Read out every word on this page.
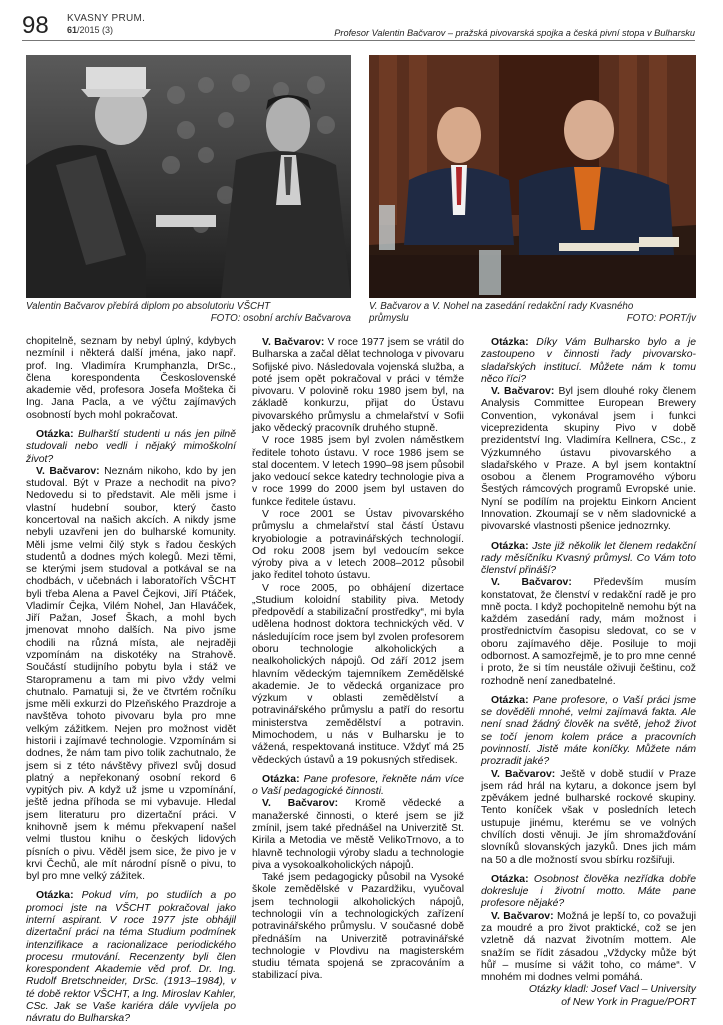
98 KVASNY PRUM.
61/2015 (3)	Profesor Valentin Bačvarov – pražská pivovarská spojka a česká pivní stopa v Bulharsku
Valentin Bačvarov přebírá diplom po absolutoriu VŠCHT
FOTO: osobní archív Bačvarova
V. Bačvarov a V. Nohel na zasedání redakční rady Kvasného
průmyslu	FOTO: PORT/jv

chopitelně, seznam by nebyl úplný, kdybych nezmínil i některá další jména, jako např. prof. Ing. Vladimíra Krumphanzla, DrSc., člena korespondenta Československé akademie věd, profesora Josefa Mošteka či Ing. Jana Pacla, a ve výčtu zajímavých osobností bych mohl pokračovat.

Otázka: Bulharští studenti u nás jen pilně studovali nebo vedli i nějaký mimoškolní život?

V. Bačvarov: Neznám nikoho, kdo by jen studoval. Být v Praze a nechodit na pivo? Nedovedu si to představit. Ale měli jsme i vlastní hudební soubor, který často koncertoval na našich akcích. A nikdy jsme nebyli uzavřeni jen do bulharské komunity. Měli jsme velmi čilý styk s řadou českých studentů a dodnes mých kolegů. Mezi těmi, se kterými jsem studoval a potkával se na chodbách, v učebnách i laboratořích VŠCHT byli třeba Alena a Pavel Čejkovi, Jiří Ptáček, Vladimír Čejka, Vilém Nohel, Jan Hlaváček, Jiří Pažan, Josef Škach, a mohl bych jmenovat mnoho dalších. Na pivo jsme chodili na různá místa, ale nejraději vzpomínám na diskotéky na Strahově. Součástí studijního pobytu byla i stáž ve Staropramenu a tam mi pivo vždy velmi chutnalo. Pamatuji si, že ve čtvrtém ročníku jsme měli exkurzi do Plzeňského Prazdroje a navštěva tohoto pivovaru byla pro mne velkým zážitkem. Nejen pro možnost vidět historii i zajímavé technologie. Vzpomínám si dodnes, že nám tam pivo tolik zachutnalo, že jsem si z této návštěvy přivezl svůj dosud platný a nepřekonaný osobní rekord 6 vypitých piv. A když už jsme u vzpomínání, ještě jedna příhoda se mi vybavuje. Hledal jsem literaturu pro dizertační práci. V knihovně jsem k mému překvapení našel velmi tlustou knihu o českých lidových písních o pivu. Věděl jsem sice, že pivo je v krvi Čechů, ale mít národní písně o pivu, to byl pro mne velký zážitek.

Otázka: Pokud vím, po studiích a po promoci jste na VŠCHT pokračoval jako interní aspirant. V roce 1977 jste obhájil dizertační práci na téma Studium podmínek intenzifikace a racionalizace periodického procesu rmutování. Recenzenty byli člen korespondent Akademie věd prof. Dr. Ing. Rudolf Bretschneider, DrSc. (1913–1984), v té době rektor VŠCHT, a Ing. Miroslav Kahler, CSc. Jak se Vaše kariéra dále vyvíjela po návratu do Bulharska?

V. Bačvarov: V roce 1977 jsem se vrátil do Bulharska a začal dělat technologa v pivovaru Sofijské pivo. Následovala vojenská služba, a poté jsem opět pokračoval v práci v témže pivovaru. V polovině roku 1980 jsem byl, na základě konkurzu, přijat do Ústavu pivovarského průmyslu a chmelařství v Sofii jako vědecký pracovník druhého stupně.

V roce 1985 jsem byl zvolen náměstkem ředitele tohoto ústavu. V roce 1986 jsem se stal docentem. V letech 1990–98 jsem působil jako vedoucí sekce katedry technologie piva a v roce 1999 do 2000 jsem byl ustaven do funkce ředitele ústavu.

V roce 2001 se Ústav pivovarského průmyslu a chmelařství stal částí Ústavu kryobiologie a potravinářských technologií. Od roku 2008 jsem byl vedoucím sekce výroby piva a v letech 2008–2012 působil jako ředitel tohoto ústavu.

V roce 2005, po obhájení dizertace „Studium koloidní stability piva. Metody předpovědí a stabilizační prostředky“, mi byla udělena hodnost doktora technických věd. V následujícím roce jsem byl zvolen profesorem oboru technologie alkoholických a nealkoholických nápojů. Od září 2012 jsem hlavním vědeckým tajemníkem Zemědělské akademie. Je to vědecká organizace pro výzkum v oblasti zemědělství a potravinářského průmyslu a patří do resortu ministerstva zemědělství a potravin. Mimochodem, u nás v Bulharsku je to vážená, respektovaná instituce. Vždyť má 25 vědeckých ústavů a 19 pokusných středisek.

Otázka: Pane profesore, řekněte nám více o Vaší pedagogické činnosti.

V. Bačvarov: Kromě vědecké a manažerské činnosti, o které jsem se již zmínil, jsem také přednášel na Univerzitě St. Kirila a Metodia ve městě VelikoTrnovo, a to hlavně technologii výroby sladu a technologie piva a vysokoalkoholických nápojů.

Také jsem pedagogicky působil na Vysoké škole zemědělské v Pazardžiku, vyučoval jsem technologii alkoholických nápojů, technologii vín a technologických zařízení potravinářského průmyslu. V současné době přednáším na Univerzitě potravinářské technologie v Plovdivu na magisterském studiu témata spojená se zpracováním a stabilizací piva.

Otázka: Díky Vám Bulharsko bylo a je zastoupeno v činnosti řady pivovarsko-sladařských institucí. Můžete nám k tomu něco říci?

V. Bačvarov: Byl jsem dlouhé roky členem Analysis Committee European Brewery Convention, vykonával jsem i funkci viceprezidenta skupiny Pivo v době prezidentství Ing. Vladimíra Kellnera, CSc., z Výzkumného ústavu pivovarského a sladařského v Praze. A byl jsem kontaktní osobou a členem Programového výboru Šestých rámcových programů Evropské unie. Nyní se podílím na projektu Einkorn Ancient Innovation. Zkoumají se v něm sladovnické a pivovarské vlastnosti pšenice jednozrnky.

Otázka: Jste již několik let členem redakční rady měsíčníku Kvasný průmysl. Co Vám toto členství přináší?

V. Bačvarov: Především musím konstatovat, že členství v redakční radě je pro mně pocta. I když pochopitelně nemohu být na každém zasedání rady, mám možnost i prostřednictvím časopisu sledovat, co se v oboru zajímavého děje. Posiluje to moji odbornost. A samozřejmě, je to pro mne cenné i proto, že si tím neustále oživuji češtinu, což rozhodně není zanedbatelné.

Otázka: Pane profesore, o Vaší práci jsme se dověděli mnohé, velmi zajímavá fakta. Ale není snad žádný člověk na světě, jehož život se točí jenom kolem práce a pracovních povinností. Jistě máte koníčky. Můžete nám prozradit jaké?

V. Bačvarov: Ještě v době studií v Praze jsem rád hrál na kytaru, a dokonce jsem byl zpěvákem jedné bulharské rockové skupiny. Tento koníček však v posledních letech ustupuje jinému, kterému se ve volných chvílích dosti věnuji. Je jím shromažďování slovníků slovanských jazyků. Dnes jich mám na 50 a dle možností svou sbírku rozšiřuji.

Otázka: Osobnost člověka nezřídka dobře dokresluje i životní motto. Máte pane profesore nějaké?

V. Bačvarov: Možná je lepší to, co považuji za moudré a pro život praktické, což se jen vzletně dá nazvat životním mottem. Ale snažím se řídit zásadou „Vždycky může být hůř – musíme si vážit toho, co máme“. V mnohém mi dodnes velmi pomáhá.

Otázky kladl: Josef Vacl – University

of New York in Prague/PORT
